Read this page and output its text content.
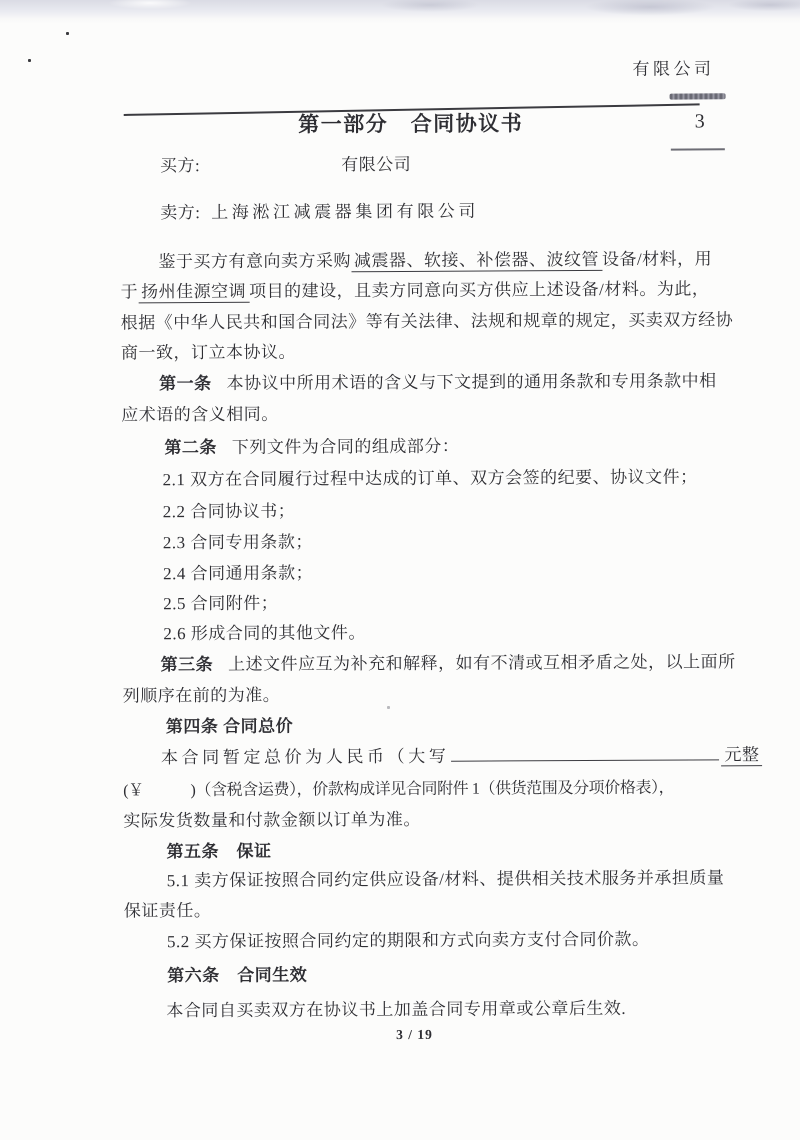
有限公司
第一部分　合同协议书	3
买方:	有限公司
卖方: 上海淞江减震器集团有限公司
鉴于买方有意向卖方采购 减震器、软接、补偿器、波纹管 设备/材料，用
于 扬州佳源空调 项目的建设，且卖方同意向买方供应上述设备/材料。为此，
根据《中华人民共和国合同法》等有关法律、法规和规章的规定，买卖双方经协
商一致，订立本协议。
第一条 本协议中所用术语的含义与下文提到的通用条款和专用条款中相
应术语的含义相同。
第二条 下列文件为合同的组成部分：
2.1 双方在合同履行过程中达成的订单、双方会签的纪要、协议文件；
2.2 合同协议书；
2.3 合同专用条款；
2.4 合同通用条款；
2.5 合同附件；
2.6 形成合同的其他文件。
第三条 上述文件应互为补充和解释，如有不清或互相矛盾之处，以上面所
列顺序在前的为准。
第四条 合同总价
本合同暂定总价为人民币（大写	元整
(￥　　　)（含税含运费），价款构成详见合同附件 1（供货范围及分项价格表），
实际发货数量和付款金额以订单为准。
第五条　保证
5.1 卖方保证按照合同约定供应设备/材料、提供相关技术服务并承担质量
保证责任。
5.2 买方保证按照合同约定的期限和方式向卖方支付合同价款。
第六条　合同生效
本合同自买卖双方在协议书上加盖合同专用章或公章后生效.
3 / 19
